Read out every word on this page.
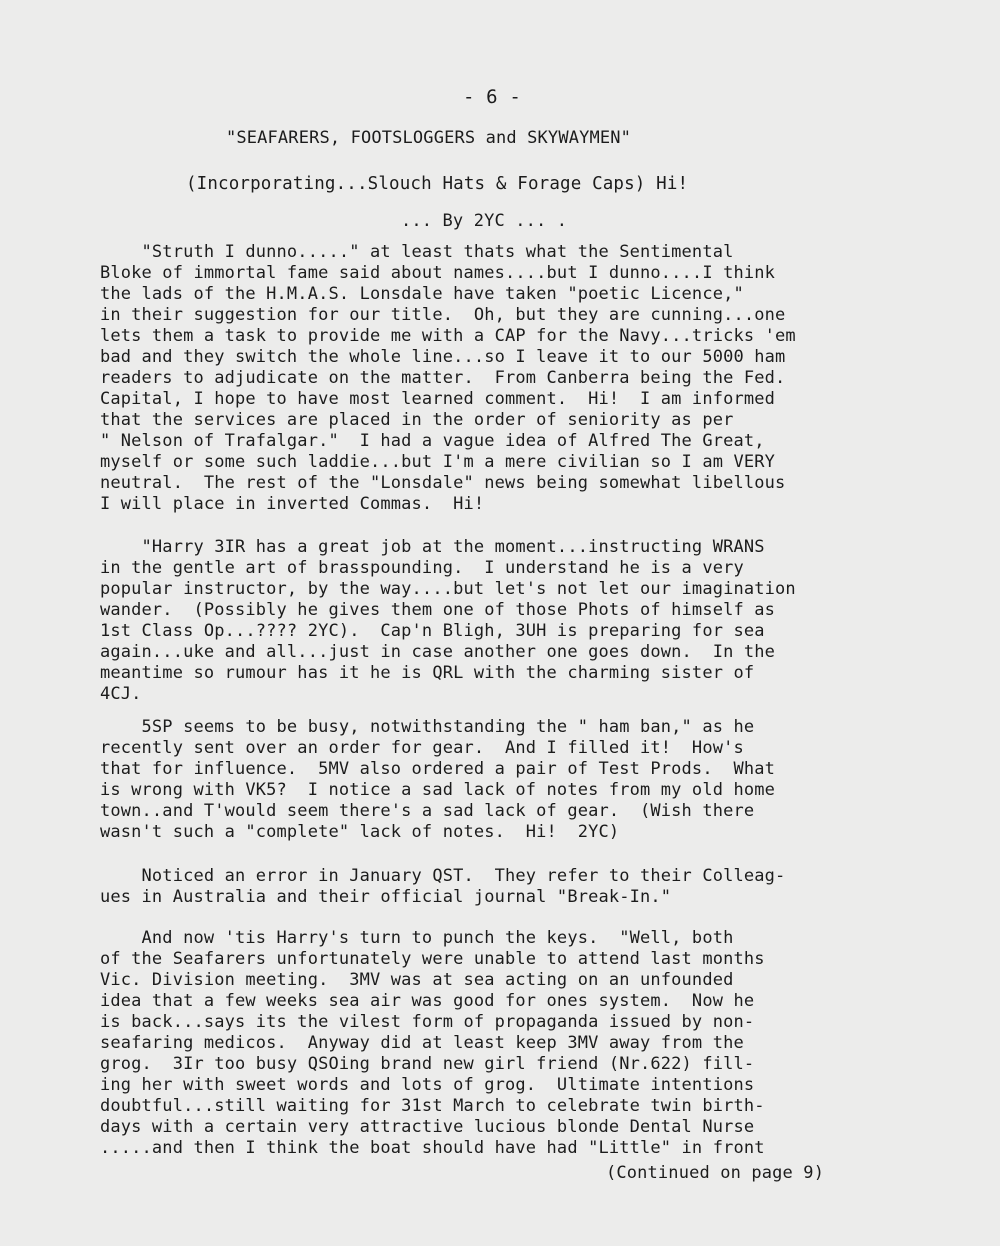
- 6 -
"SEAFARERS, FOOTSLOGGERS and SKYWAYMEN"
(Incorporating...Slouch Hats & Forage Caps) Hi!
... By 2YC ... .
"Struth I dunno....." at least thats what the Sentimental
Bloke of immortal fame said about names....but I dunno....I think
the lads of the H.M.A.S. Lonsdale have taken "poetic Licence,"
in their suggestion for our title.  Oh, but they are cunning...one
lets them a task to provide me with a CAP for the Navy...tricks 'em
bad and they switch the whole line...so I leave it to our 5000 ham
readers to adjudicate on the matter.  From Canberra being the Fed.
Capital, I hope to have most learned comment.  Hi!  I am informed
that the services are placed in the order of seniority as per
" Nelson of Trafalgar."  I had a vague idea of Alfred The Great,
myself or some such laddie...but I'm a mere civilian so I am VERY
neutral.  The rest of the "Lonsdale" news being somewhat libellous
I will place in inverted Commas.  Hi!
"Harry 3IR has a great job at the moment...instructing WRANS
in the gentle art of brasspounding.  I understand he is a very
popular instructor, by the way....but let's not let our imagination
wander.  (Possibly he gives them one of those Phots of himself as
1st Class Op...???? 2YC).  Cap'n Bligh, 3UH is preparing for sea
again...uke and all...just in case another one goes down.  In the
meantime so rumour has it he is QRL with the charming sister of
4CJ.
5SP seems to be busy, notwithstanding the " ham ban," as he
recently sent over an order for gear.  And I filled it!  How's
that for influence.  5MV also ordered a pair of Test Prods.  What
is wrong with VK5?  I notice a sad lack of notes from my old home
town..and T'would seem there's a sad lack of gear.  (Wish there
wasn't such a "complete" lack of notes.  Hi!  2YC)
Noticed an error in January QST.  They refer to their Colleag-
ues in Australia and their official journal "Break-In."
And now 'tis Harry's turn to punch the keys.  "Well, both
of the Seafarers unfortunately were unable to attend last months
Vic. Division meeting.  3MV was at sea acting on an unfounded
idea that a few weeks sea air was good for ones system.  Now he
is back...says its the vilest form of propaganda issued by non-
seafaring medicos.  Anyway did at least keep 3MV away from the
grog.  3Ir too busy QSOing brand new girl friend (Nr.622) fill-
ing her with sweet words and lots of grog.  Ultimate intentions
doubtful...still waiting for 31st March to celebrate twin birth-
days with a certain very attractive lucious blonde Dental Nurse
.....and then I think the boat should have had "Little" in front
(Continued on page 9)
